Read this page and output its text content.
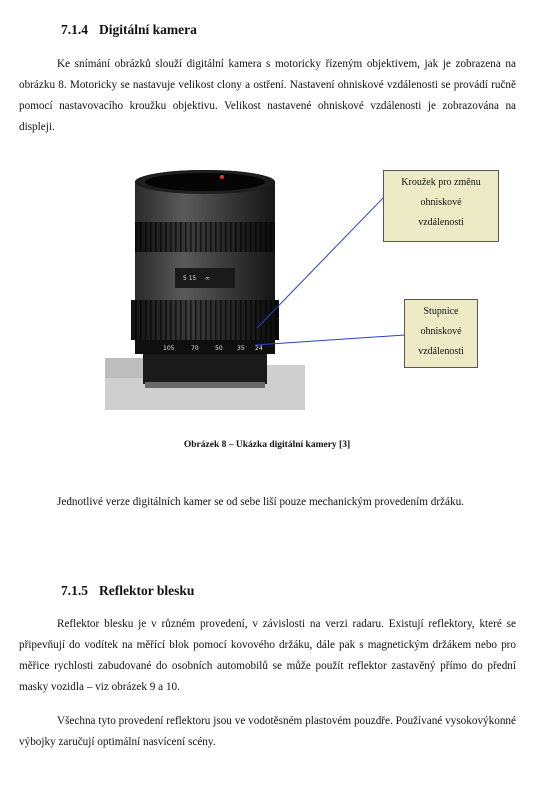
7.1.4 Digitální kamera

Ke snímání obrázků slouží digitální kamera s motoricky řízeným objektivem, jak je zobrazena na obrázku 8. Motoricky se nastavuje velikost clony a ostření. Nastavení ohniskové vzdálenosti se provádí ručně pomocí nastavovacího kroužku objektivu. Velikost nastavené ohniskové vzdálenosti je zobrazována na displeji.

5 15 ∞
105	70	50 35 24
Kroužek pro změnu
ohniskové
vzdálenosti
Stupnice
ohniskové
vzdálenosti
Obrázek 8 – Ukázka digitální kamery [3]

Jednotlivé verze digitálních kamer se od sebe liší pouze mechanickým provedením držáku.

7.1.5 Reflektor blesku

Reflektor blesku je v různém provedení, v závislosti na verzi radaru. Existují reflektory, které se připevňují do vodítek na měřící blok pomocí kovového držáku, dále pak s magnetickým držákem nebo pro měřice rychlosti zabudované do osobních automobilů se může použít reflektor zastavěný přímo do přední masky vozidla – viz obrázek 9 a 10.

Všechna tyto provedení reflektoru jsou ve vodotěsném plastovém pouzdře. Používané vysokovýkonné výbojky zaručují optimální nasvícení scény.
